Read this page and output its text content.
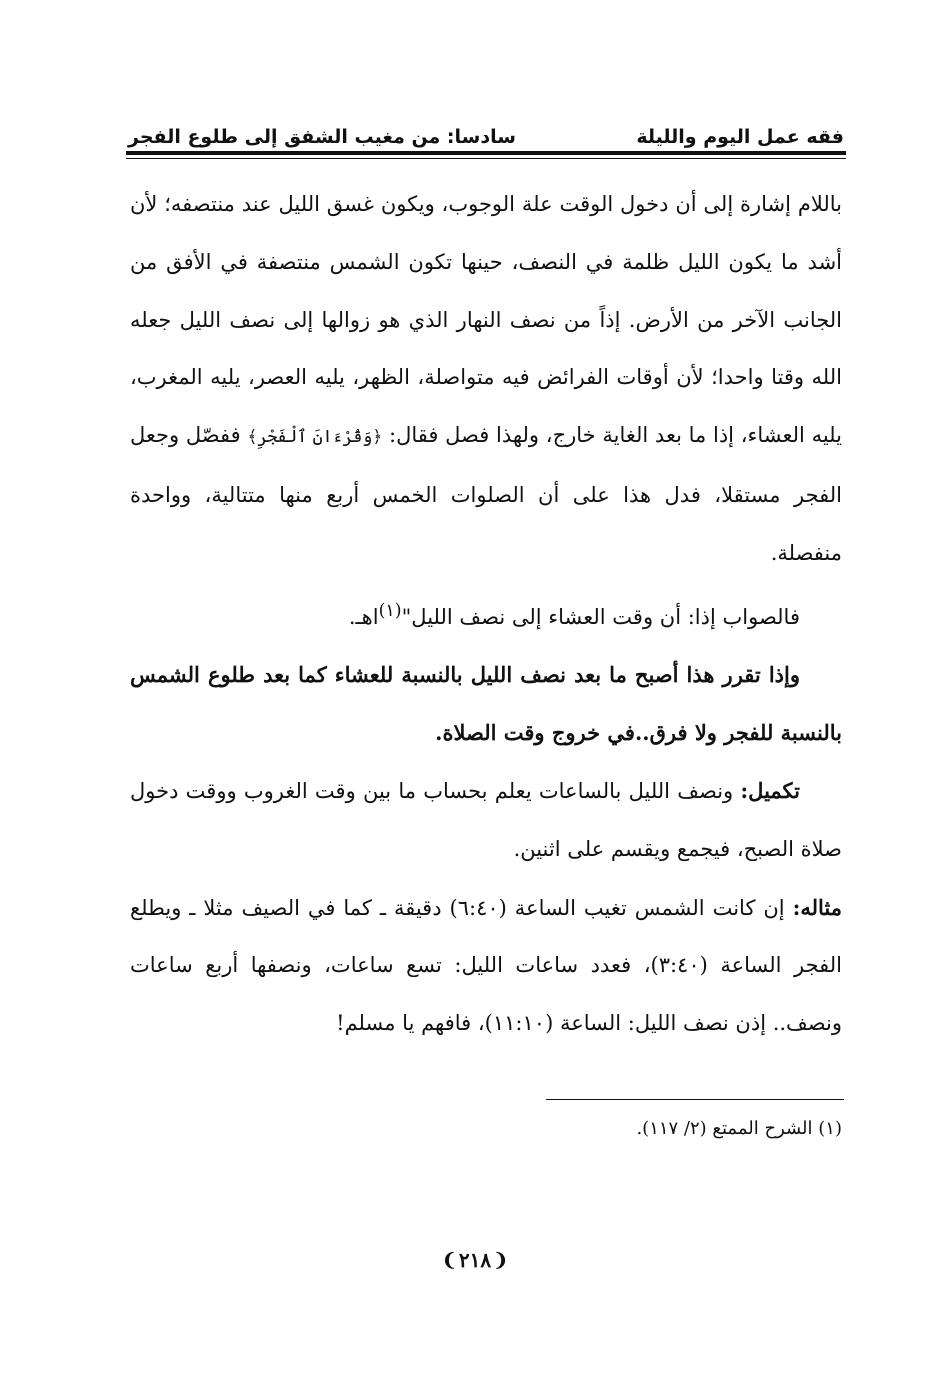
فقه عمل اليوم والليلة
سادسا: من مغيب الشفق إلى طلوع الفجر

باللام إشارة إلى أن دخول الوقت علة الوجوب، ويكون غسق الليل عند منتصفه؛ لأن أشد ما يكون الليل ظلمة في النصف، حينها تكون الشمس منتصفة في الأفق من الجانب الآخر من الأرض. إذاً من نصف النهار الذي هو زوالها إلى نصف الليل جعله الله وقتا واحدا؛ لأن أوقات الفرائض فيه متواصلة، الظهر، يليه العصر، يليه المغرب، يليه العشاء، إذا ما بعد الغاية خارج، ولهذا فصل فقال: ﴿وَقُرْءَانَ ٱلْفَجْرِ﴾ ففصّل وجعل الفجر مستقلا، فدل هذا على أن الصلوات الخمس أربع منها متتالية، وواحدة منفصلة.

فالصواب إذا: أن وقت العشاء إلى نصف الليل"$^{(١)}$اهـ.

وإذا تقرر هذا أصبح ما بعد نصف الليل بالنسبة للعشاء كما بعد طلوع الشمس بالنسبة للفجر ولا فرق..في خروج وقت الصلاة.

تكميل: ونصف الليل بالساعات يعلم بحساب ما بين وقت الغروب ووقت دخول صلاة الصبح، فيجمع ويقسم على اثنين.

مثاله: إن كانت الشمس تغيب الساعة (٦:٤٠) دقيقة ـ كما في الصيف مثلا ـ ويطلع الفجر الساعة (٣:٤٠)، فعدد ساعات الليل: تسع ساعات، ونصفها أربع ساعات ونصف.. إذن نصف الليل: الساعة (١١:١٠)، فافهم يا مسلم!

(١) الشرح الممتع (٢/ ١١٧).
❨
٢١٨
❩
